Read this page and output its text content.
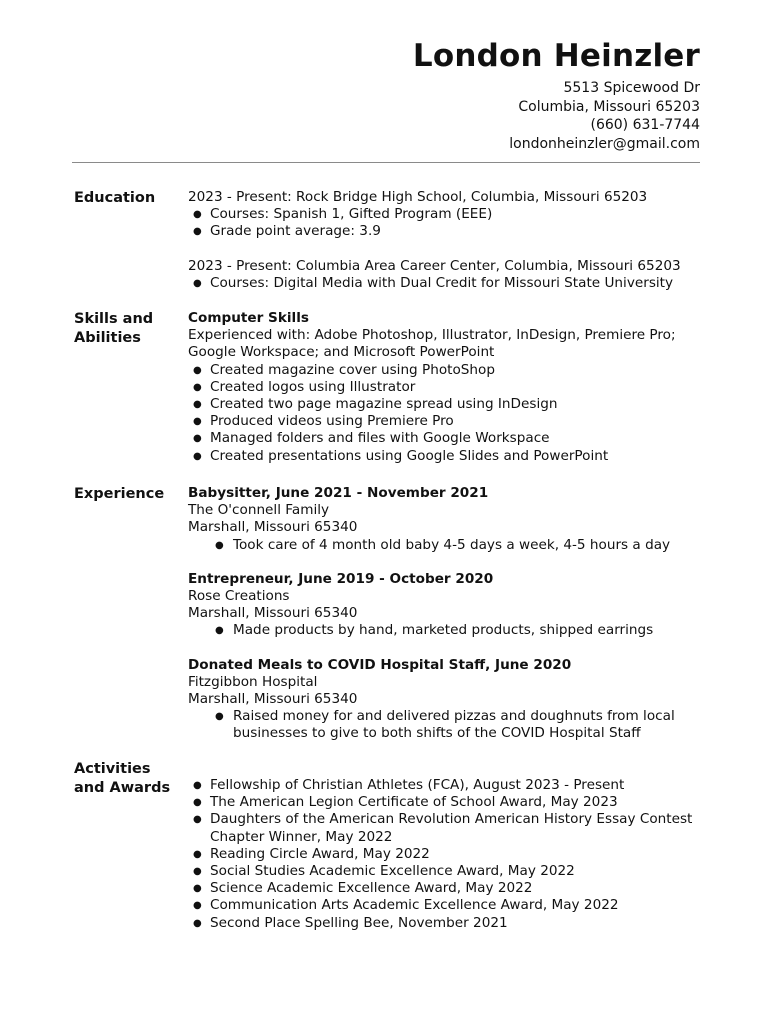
London Heinzler
5513 Spicewood Dr
Columbia, Missouri 65203
(660) 631-7744
londonheinzler@gmail.com
Education	2023 - Present: Rock Bridge High School, Columbia, Missouri 65203
● Courses: Spanish 1, Gifted Program (EEE)
● Grade point average: 3.9
2023 - Present: Columbia Area Career Center, Columbia, Missouri 65203
● Courses: Digital Media with Dual Credit for Missouri State University
Skills and
Abilities
Computer Skills
Experienced with: Adobe Photoshop, Illustrator, InDesign, Premiere Pro; Google Workspace; and Microsoft PowerPoint
● Created magazine cover using PhotoShop
● Created logos using Illustrator
● Created two page magazine spread using InDesign
● Produced videos using Premiere Pro
● Managed folders and files with Google Workspace
● Created presentations using Google Slides and PowerPoint
Experience	Babysitter, June 2021 - November 2021
The O'connell Family
Marshall, Missouri 65340
● Took care of 4 month old baby 4-5 days a week, 4-5 hours a day
Entrepreneur, June 2019 - October 2020
Rose Creations
Marshall, Missouri 65340
● Made products by hand, marketed products, shipped earrings
Donated Meals to COVID Hospital Staff, June 2020
Fitzgibbon Hospital
Marshall, Missouri 65340
● Raised money for and delivered pizzas and doughnuts from local businesses to give to both shifts of the COVID Hospital Staff
Activities
and Awards
●	Fellowship of Christian Athletes (FCA), August 2023 - Present
● The American Legion Certificate of School Award, May 2023
● Daughters of the American Revolution American History Essay Contest Chapter Winner, May 2022
● Reading Circle Award, May 2022
● Social Studies Academic Excellence Award, May 2022
● Science Academic Excellence Award, May 2022
● Communication Arts Academic Excellence Award, May 2022
● Second Place Spelling Bee, November 2021
